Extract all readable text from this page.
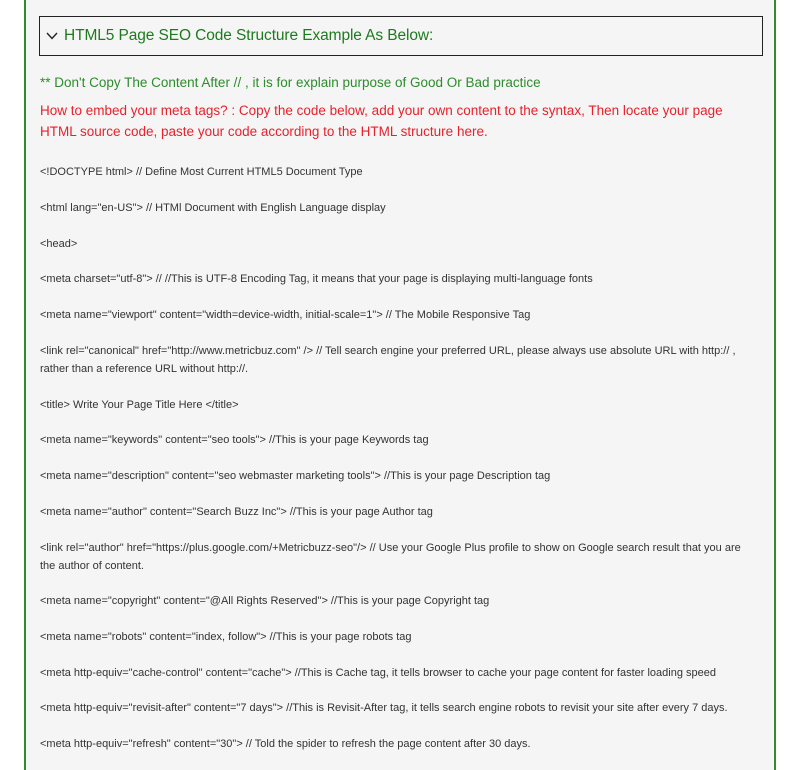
HTML5 Page SEO Code Structure Example As Below:
** Don't Copy The Content After // , it is for explain purpose of Good Or Bad practice
How to embed your meta tags? : Copy the code below, add your own content to the syntax, Then locate your page HTML source code, paste your code according to the HTML structure here.
<!DOCTYPE html> // Define Most Current HTML5 Document Type
<html lang="en-US"> // HTMl Document with English Language display
<head>
<meta charset="utf-8"> // //This is UTF-8 Encoding Tag, it means that your page is displaying multi-language fonts
<meta name="viewport" content="width=device-width, initial-scale=1"> // The Mobile Responsive Tag
<link rel="canonical" href="http://www.metricbuz.com" /> // Tell search engine your preferred URL, please always use absolute URL with http:// , rather than a reference URL without http://.
<title> Write Your Page Title Here </title>
<meta name="keywords" content="seo tools"> //This is your page Keywords tag
<meta name="description" content="seo webmaster marketing tools"> //This is your page Description tag
<meta name="author" content="Search Buzz Inc"> //This is your page Author tag
<link rel="author" href="https://plus.google.com/+Metricbuzz-seo"/> // Use your Google Plus profile to show on Google search result that you are the author of content.
<meta name="copyright" content="@All Rights Reserved"> //This is your page Copyright tag
<meta name="robots" content="index, follow"> //This is your page robots tag
<meta http-equiv="cache-control" content="cache"> //This is Cache tag, it tells browser to cache your page content for faster loading speed
<meta http-equiv="revisit-after" content="7 days"> //This is Revisit-After tag, it tells search engine robots to revisit your site after every 7 days.
<meta http-equiv="refresh" content="30"> // Told the spider to refresh the page content after 30 days.
